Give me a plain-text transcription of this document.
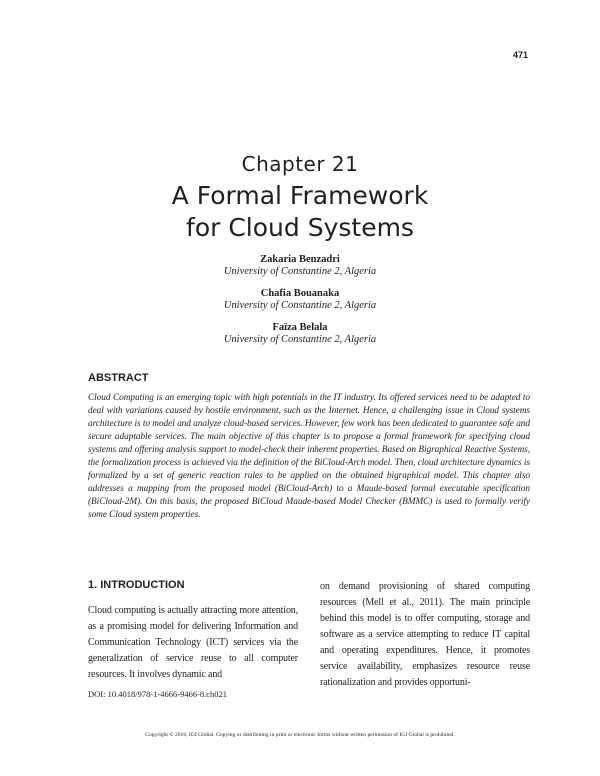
471
Chapter 21
A Formal Framework
for Cloud Systems
Zakaria Benzadri
University of Constantine 2, Algeria
Chafia Bouanaka
University of Constantine 2, Algeria
Faïza Belala
University of Constantine 2, Algeria
ABSTRACT

Cloud Computing is an emerging topic with high potentials in the IT industry. Its offered services need to be adapted to deal with variations caused by hostile environment, such as the Internet. Hence, a challenging issue in Cloud systems architecture is to model and analyze cloud-based services. However, few work has been dedicated to guarantee safe and secure adaptable services. The main objective of this chapter is to propose a formal framework for specifying cloud systems and offering analysis support to model-check their inherent properties. Based on Bigraphical Reactive Systems, the formalization process is achieved via the definition of the BiCloud-Arch model. Then, cloud architecture dynamics is formalized by a set of generic reaction rules to be applied on the obtained bigraphical model. This chapter also addresses a mapping from the proposed model (BiCloud-Arch) to a Maude-based formal executable specification (BiCloud-2M). On this basis, the proposed BiCloud Maude-based Model Checker (BMMC) is used to formally verify some Cloud system properties.

1. INTRODUCTION

Cloud computing is actually attracting more attention, as a promising model for delivering Information and Communication Technology (ICT) services via the generalization of service reuse to all computer resources. It involves dynamic and

on demand provisioning of shared computing resources (Mell et al., 2011). The main principle behind this model is to offer computing, storage and software as a service attempting to reduce IT capital and operating expenditures. Hence, it promotes service availability, emphasizes resource reuse rationalization and provides opportuni-

DOI: 10.4018/978-1-4666-9466-8.ch021
Copyright © 2016, IGI Global. Copying or distributing in print or electronic forms without written permission of IGI Global is prohibited.
